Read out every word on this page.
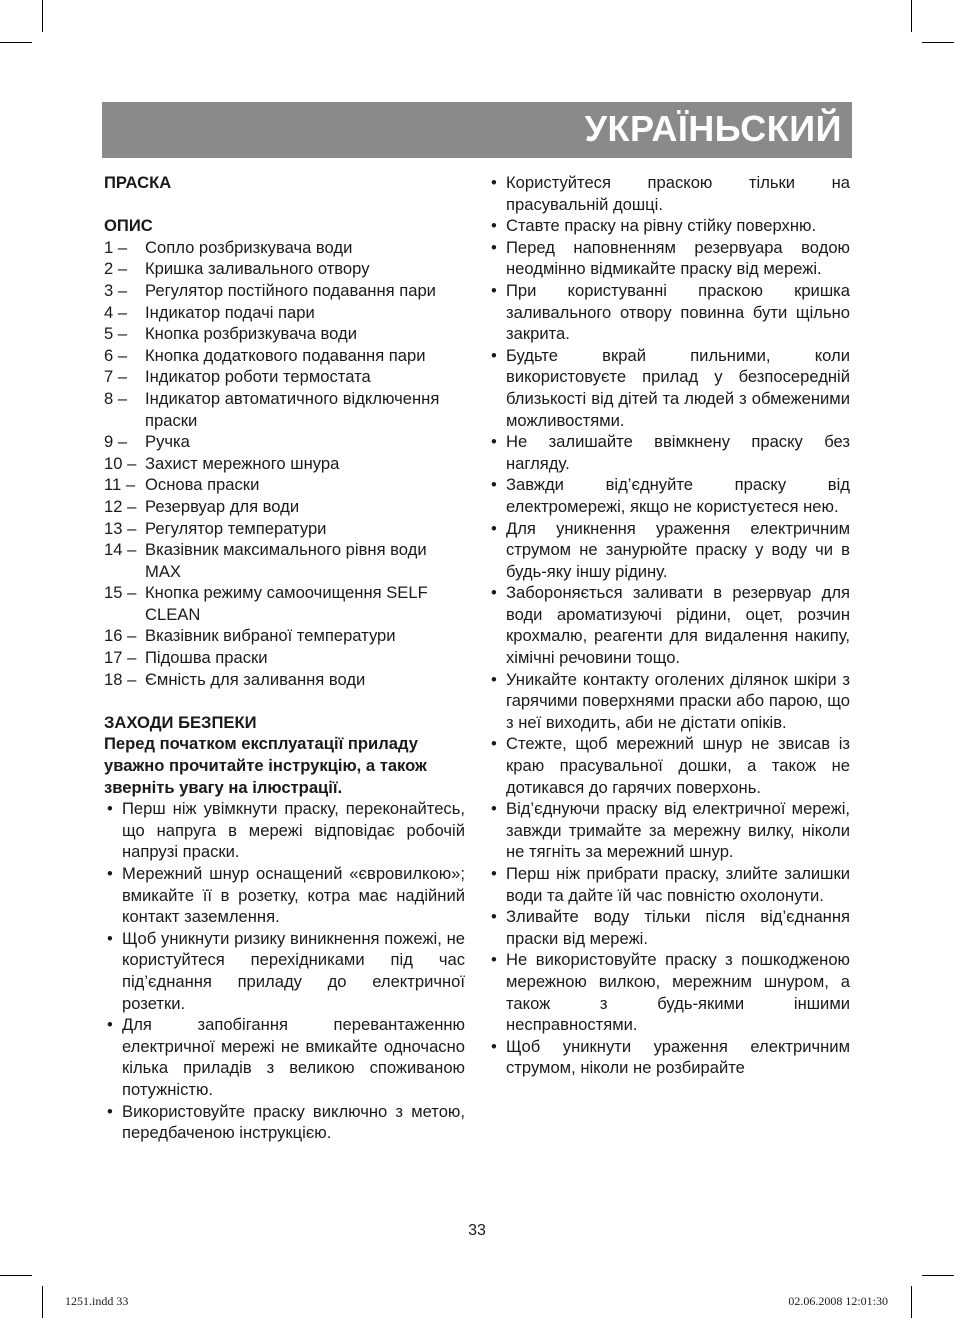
УКРАЇНЬСКИЙ

ПРАСКА

ОПИС

1 –	Сопло розбризкувача води
2 –	Кришка заливального отвору
3 –	Регулятор постійного подавання пари
4 –	Індикатор подачі пари
5 –	Кнопка розбризкувача води
6 –	Кнопка додаткового подавання пари
7 –	Індикатор роботи термостата
8 –	Індикатор автоматичного відключення праски
9 –	Ручка
10 – Захист мережного шнура
11 – Основа праски
12 – Резервуар для води
13 – Регулятор температури
14 – Вказівник максимального рівня води MAX
15 – Кнопка режиму самоочищення SELF CLEAN
16 – Вказівник вибраної температури
17 – Підошва праски
18 – Ємність для заливання води

ЗАХОДИ БЕЗПЕКИ

Перед початком експлуатації приладу уважно прочитайте інструкцію, а також зверніть увагу на ілюстрації.

• Перш ніж увімкнути праску, переконайтесь, що напруга в мережі відповідає робочій напрузі праски.
• Мережний шнур оснащений «євровилкою»; вмикайте її в розетку, котра має надійний контакт заземлення.
• Щоб уникнути ризику виникнення пожежі, не користуйтеся перехідниками під час під’єднання приладу до електричної розетки.
• Для запобігання перевантаженню електричної мережі не вмикайте одночасно кілька приладів з великою споживаною потужністю.
• Використовуйте праску виключно з метою, передбаченою інструкцією.
• Користуйтеся праскою тільки на прасувальній дошці.
• Ставте праску на рівну стійку поверхню.
• Перед наповненням резервуара водою неодмінно відмикайте праску від мережі.
• При користуванні праскою кришка заливального отвору повинна бути щільно закрита.
• Будьте вкрай пильними, коли використовуєте прилад у безпосередній близькості від дітей та людей з обмеженими можливостями.
• Не залишайте ввімкнену праску без нагляду.
• Завжди від’єднуйте праску від електромережі, якщо не користуєтеся нею.
• Для уникнення ураження електричним струмом не занурюйте праску у воду чи в будь-яку іншу рідину.
• Забороняється заливати в резервуар для води ароматизуючі рідини, оцет, розчин крохмалю, реагенти для видалення накипу, хімічні речовини тощо.
• Уникайте контакту оголених ділянок шкіри з гарячими поверхнями праски або парою, що з неї виходить, аби не дістати опіків.
• Стежте, щоб мережний шнур не звисав із краю прасувальної дошки, а також не дотикався до гарячих поверхонь.
• Від’єднуючи праску від електричної мережі, завжди тримайте за мережну вилку, ніколи не тягніть за мережний шнур.
• Перш ніж прибрати праску, злийте залишки води та дайте їй час повністю охолонути.
• Зливайте воду тільки після від’єднання праски від мережі.
• Не використовуйте праску з пошкодженою мережною вилкою, мережним шнуром, а також з будь-якими іншими несправностями.
• Щоб уникнути ураження електричним струмом, ніколи не розбирайте
33
1251.indd 33	02.06.2008 12:01:30
